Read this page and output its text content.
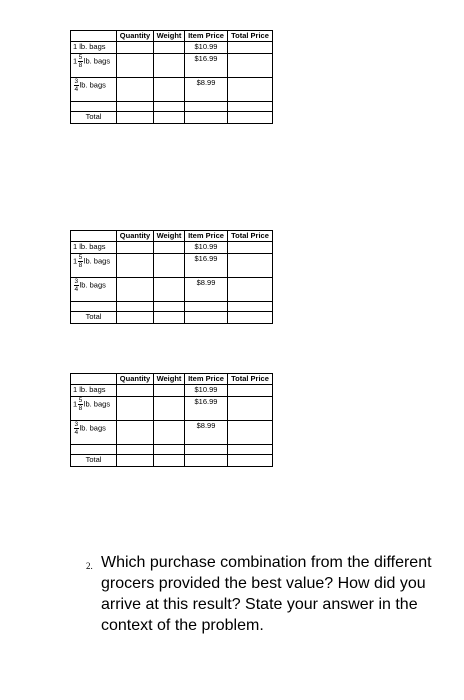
	Quantity	Weight	Item Price	Total Price
1 lb. bags			$10.99	
$1 \frac{5}{8}$ lb. bags			$16.99	

$\frac{3}{4}$ lb. bags			$8.99	

Total				
	Quantity	Weight	Item Price	Total Price
1 lb. bags			$10.99	
$1 \frac{5}{8}$ lb. bags			$16.99	

$\frac{3}{4}$ lb. bags			$8.99	

Total				
	Quantity	Weight	Item Price	Total Price
1 lb. bags			$10.99	
$1 \frac{5}{8}$ lb. bags			$16.99	

$\frac{3}{4}$ lb. bags			$8.99	

Total				
2. Which purchase combination from the different grocers provided the best value? How did you arrive at this result? State your answer in the context of the problem.
